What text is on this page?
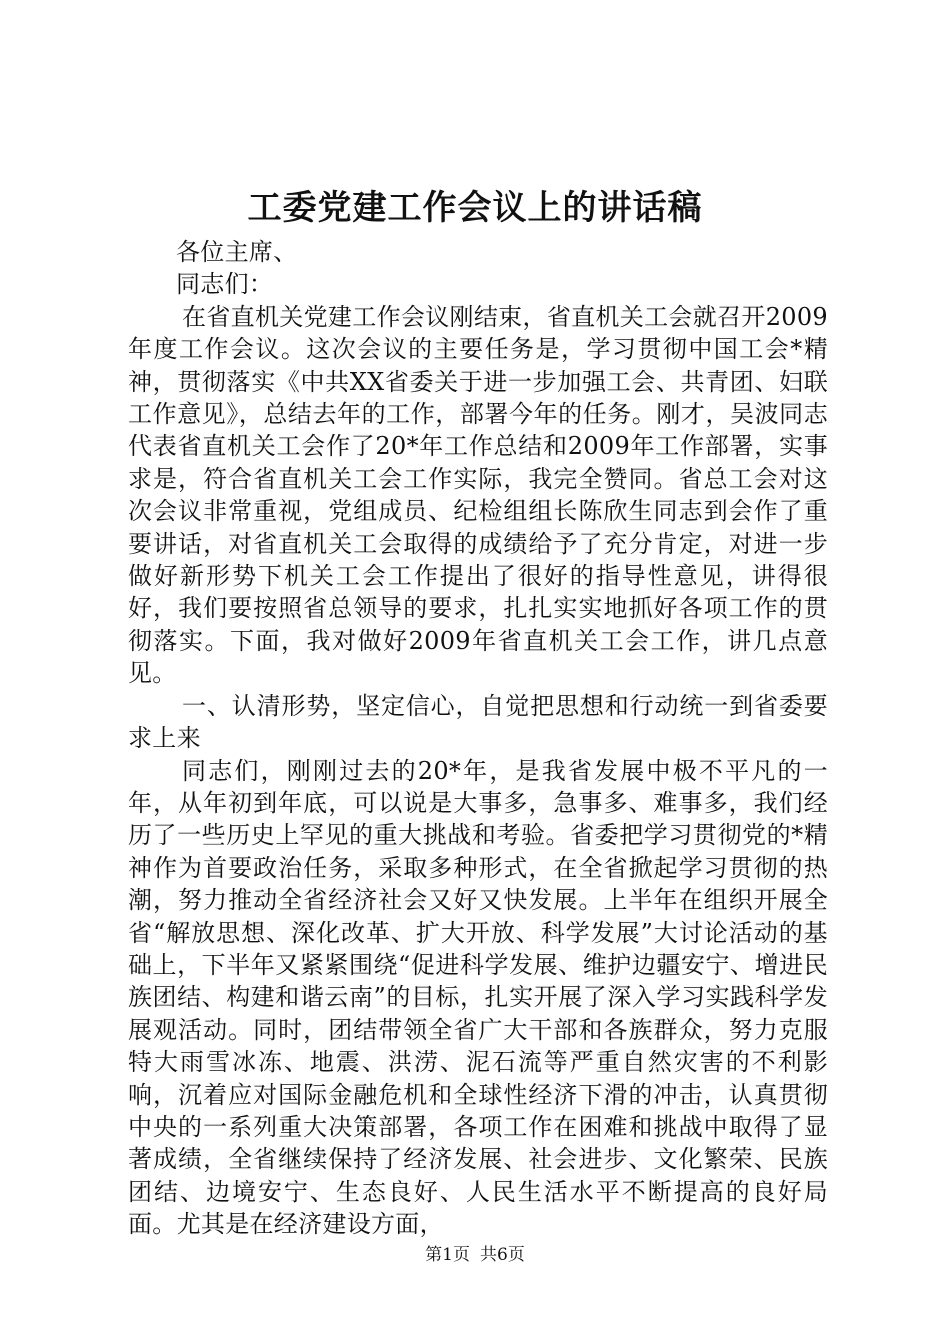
工委党建工作会议上的讲话稿

各位主席、

同志们：

在省直机关党建工作会议刚结束，省直机关工会就召开2009年度工作会议。这次会议的主要任务是，学习贯彻中国工会*精神，贯彻落实《中共XX省委关于进一步加强工会、共青团、妇联工作意见》，总结去年的工作，部署今年的任务。刚才，吴波同志代表省直机关工会作了20*年工作总结和2009年工作部署，实事求是，符合省直机关工会工作实际，我完全赞同。省总工会对这次会议非常重视，党组成员、纪检组组长陈欣生同志到会作了重要讲话，对省直机关工会取得的成绩给予了充分肯定，对进一步做好新形势下机关工会工作提出了很好的指导性意见，讲得很好，我们要按照省总领导的要求，扎扎实实地抓好各项工作的贯彻落实。下面，我对做好2009年省直机关工会工作，讲几点意见。

一、认清形势，坚定信心，自觉把思想和行动统一到省委要求上来

同志们，刚刚过去的20*年，是我省发展中极不平凡的一年，从年初到年底，可以说是大事多，急事多、难事多，我们经历了一些历史上罕见的重大挑战和考验。省委把学习贯彻党的*精神作为首要政治任务，采取多种形式，在全省掀起学习贯彻的热潮，努力推动全省经济社会又好又快发展。上半年在组织开展全省“解放思想、深化改革、扩大开放、科学发展”大讨论活动的基础上，下半年又紧紧围绕“促进科学发展、维护边疆安宁、增进民族团结、构建和谐云南”的目标，扎实开展了深入学习实践科学发展观活动。同时，团结带领全省广大干部和各族群众，努力克服特大雨雪冰冻、地震、洪涝、泥石流等严重自然灾害的不利影响，沉着应对国际金融危机和全球性经济下滑的冲击，认真贯彻中央的一系列重大决策部署，各项工作在困难和挑战中取得了显著成绩，全省继续保持了经济发展、社会进步、文化繁荣、民族团结、边境安宁、生态良好、人民生活水平不断提高的良好局面。尤其是在经济建设方面，

第1页 共6页
